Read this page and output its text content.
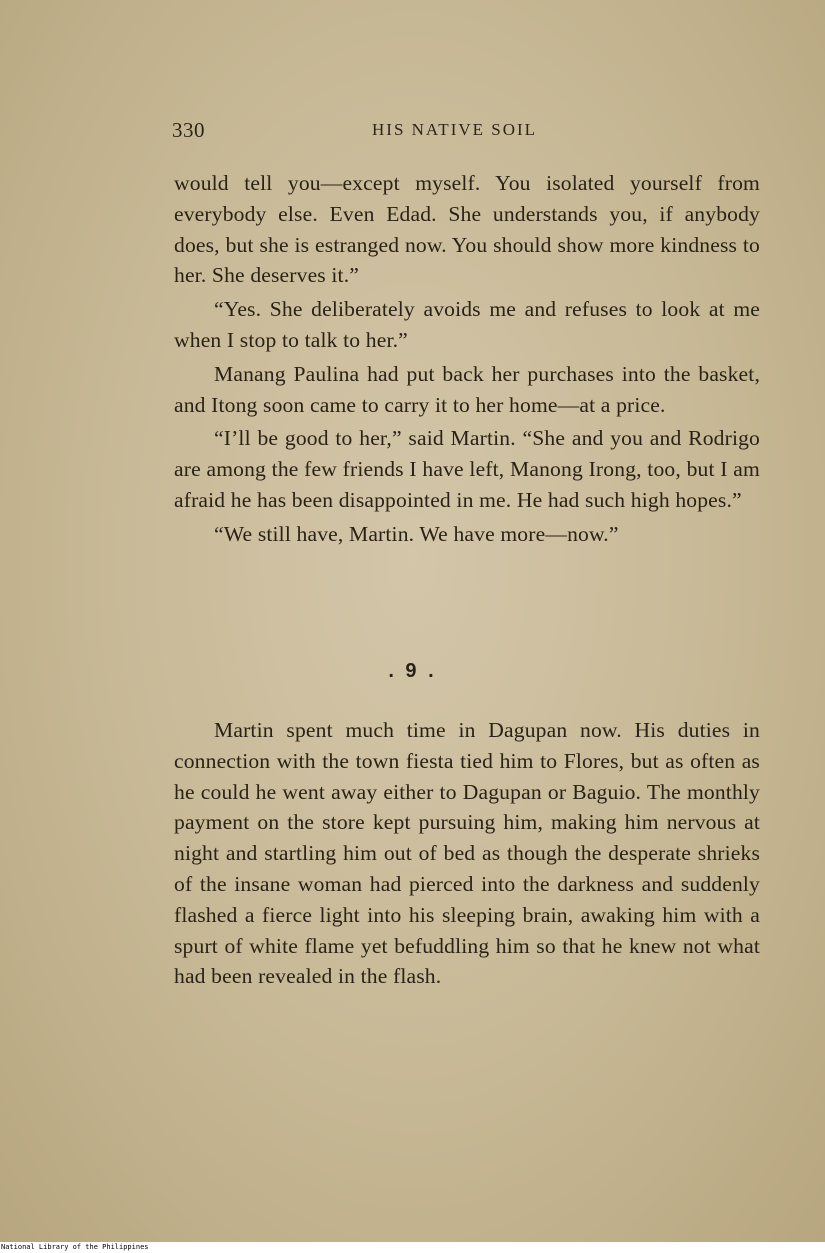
330	HIS NATIVE SOIL

would tell you—except myself. You isolated yourself from everybody else. Even Edad. She understands you, if anybody does, but she is estranged now. You should show more kindness to her. She deserves it.”

“Yes. She deliberately avoids me and refuses to look at me when I stop to talk to her.”

Manang Paulina had put back her purchases into the basket, and Itong soon came to carry it to her home—at a price.

“I’ll be good to her,” said Martin. “She and you and Rodrigo are among the few friends I have left, Manong Irong, too, but I am afraid he has been disappointed in me. He had such high hopes.”

“We still have, Martin. We have more—now.”

. 9 .

Martin spent much time in Dagupan now. His duties in connection with the town fiesta tied him to Flores, but as often as he could he went away either to Dagupan or Baguio. The monthly payment on the store kept pursuing him, making him nervous at night and startling him out of bed as though the desperate shrieks of the insane woman had pierced into the darkness and suddenly flashed a fierce light into his sleeping brain, awaking him with a spurt of white flame yet befuddling him so that he knew not what had been revealed in the flash.

National Library of the Philippines
